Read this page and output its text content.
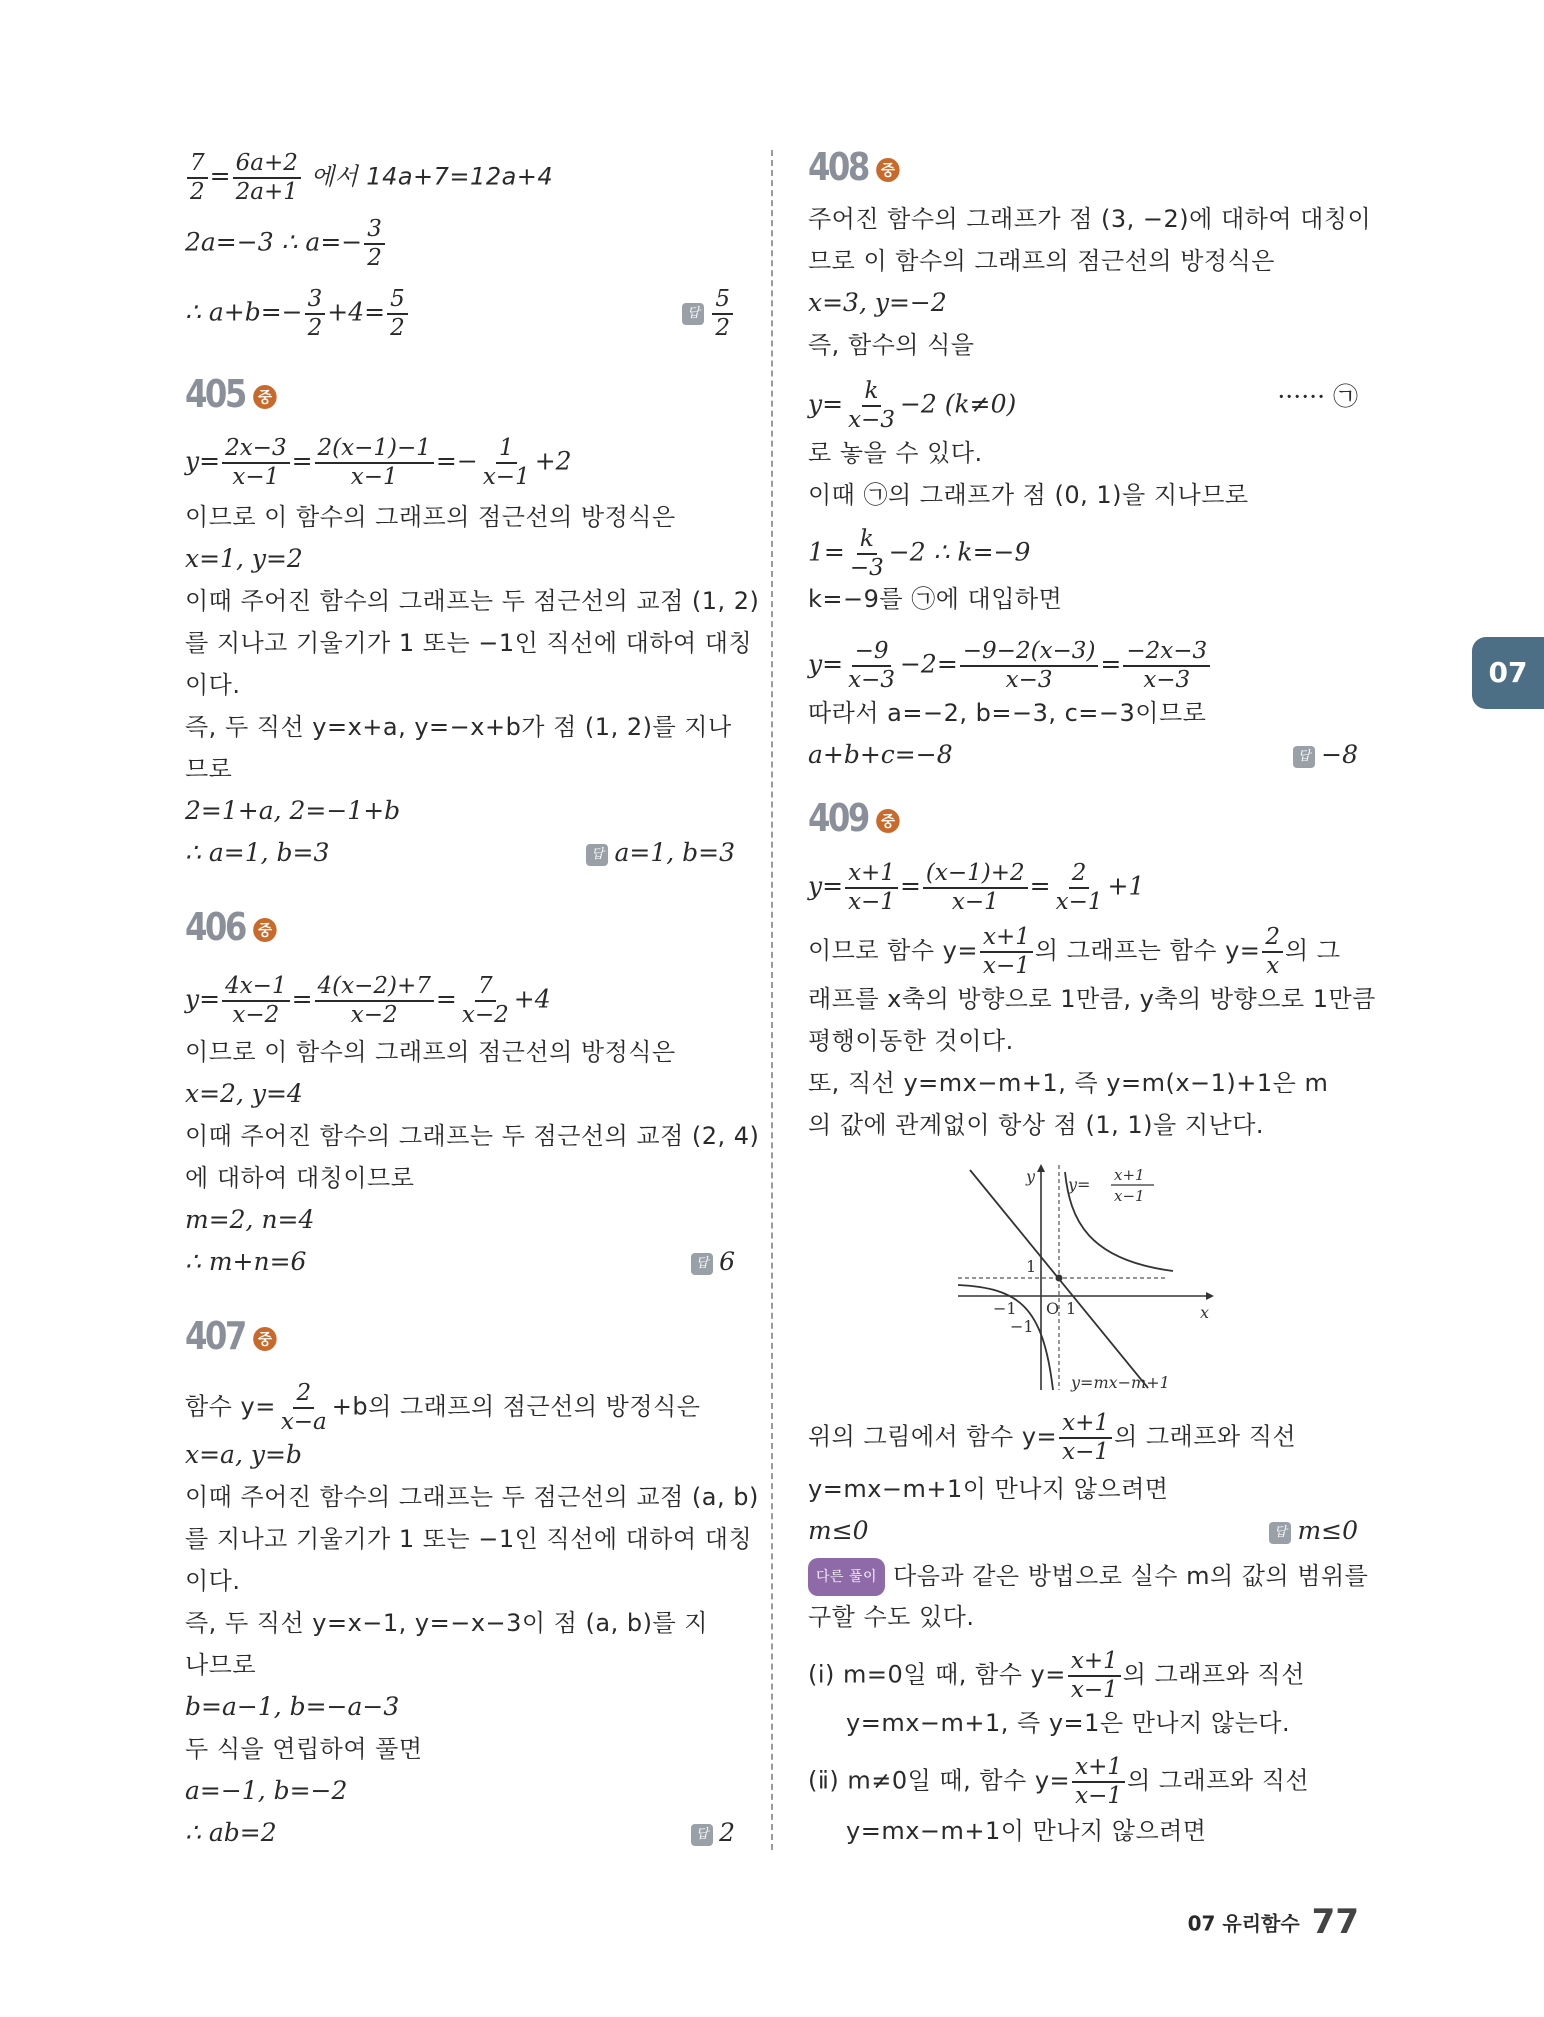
07
$\frac{7}{2} = \frac{6a+2}{2a+1}$ 에서 14a+7=12a+4
2a=−3 ∴ $a=- \frac{3}{2}$
∴ $a+b=- \frac{3}{2} +4= \frac{5}{2}$	답 $\frac{5}{2}$
405 중
$y= \frac{2x-3}{x-1} = \frac{2(x-1)-1}{x-1} =- \frac{1}{x-1} +2$
이므로 이 함수의 그래프의 점근선의 방정식은
x=1, y=2
이때 주어진 함수의 그래프는 두 점근선의 교점 (1, 2)
를 지나고 기울기가 1 또는 −1인 직선에 대하여 대칭
이다.
즉, 두 직선 y=x+a, y=−x+b가 점 (1, 2)를 지나
므로
2=1+a, 2=−1+b
∴ a=1, b=3	답 a=1, b=3
406 중
$y= \frac{4x-1}{x-2} = \frac{4(x-2)+7}{x-2} = \frac{7}{x-2} +4$
이므로 이 함수의 그래프의 점근선의 방정식은
x=2, y=4
이때 주어진 함수의 그래프는 두 점근선의 교점 (2, 4)
에 대하여 대칭이므로
m=2, n=4
∴ m+n=6	답 6
407 중
함수 $y= \frac{2}{x-a} +b$의 그래프의 점근선의 방정식은
x=a, y=b
이때 주어진 함수의 그래프는 두 점근선의 교점 (a, b)
를 지나고 기울기가 1 또는 −1인 직선에 대하여 대칭
이다.
즉, 두 직선 y=x−1, y=−x−3이 점 (a, b)를 지
나므로
b=a−1, b=−a−3
두 식을 연립하여 풀면
a=−1, b=−2
∴ ab=2	답 2
408 중
주어진 함수의 그래프가 점 (3, −2)에 대하여 대칭이
므로 이 함수의 그래프의 점근선의 방정식은
x=3, y=−2
즉, 함수의 식을
$y= \frac{k}{x-3} -2$ (k≠0)	······ ㉠
로 놓을 수 있다.
이때 ㉠의 그래프가 점 (0, 1)을 지나므로
$1= \frac{k}{-3} -2$ ∴ k=−9
k=−9를 ㉠에 대입하면
$y= \frac{-9}{x-3} -2= \frac{-9-2(x-3)}{x-3} = \frac{-2x-3}{x-3}$
따라서 a=−2, b=−3, c=−3이므로
a+b+c=−8	답 −8
409 중
$y= \frac{x+1}{x-1} = \frac{(x-1)+2}{x-1} = \frac{2}{x-1} +1$
이므로 함수 $y= \frac{x+1}{x-1}$ 의 그래프는 함수 $y= \frac{2}{x}$ 의 그
래프를 x축의 방향으로 1만큼, y축의 방향으로 1만큼
평행이동한 것이다.
또, 직선 y=mx−m+1, 즉 y=m(x−1)+1은 m
의 값에 관계없이 항상 점 (1, 1)을 지난다.
위의 그림에서 함수 $y= \frac{x+1}{x-1}$ 의 그래프와 직선
y=mx−m+1이 만나지 않으려면
m≤0	답 m≤0
다른 풀이 다음과 같은 방법으로 실수 m의 값의 범위를
구할 수도 있다.
(ⅰ) m=0일 때, 함수 $y= \frac{x+1}{x-1}$ 의 그래프와 직선
y=mx−m+1, 즉 y=1은 만나지 않는다.
(ⅱ) m≠0일 때, 함수 $y= \frac{x+1}{x-1}$ 의 그래프와 직선
y=mx−m+1이 만나지 않으려면
y
x
y= x+1
x−1
y=mx−m+1
O
−1	1
1
−1
07 유리함수 77
